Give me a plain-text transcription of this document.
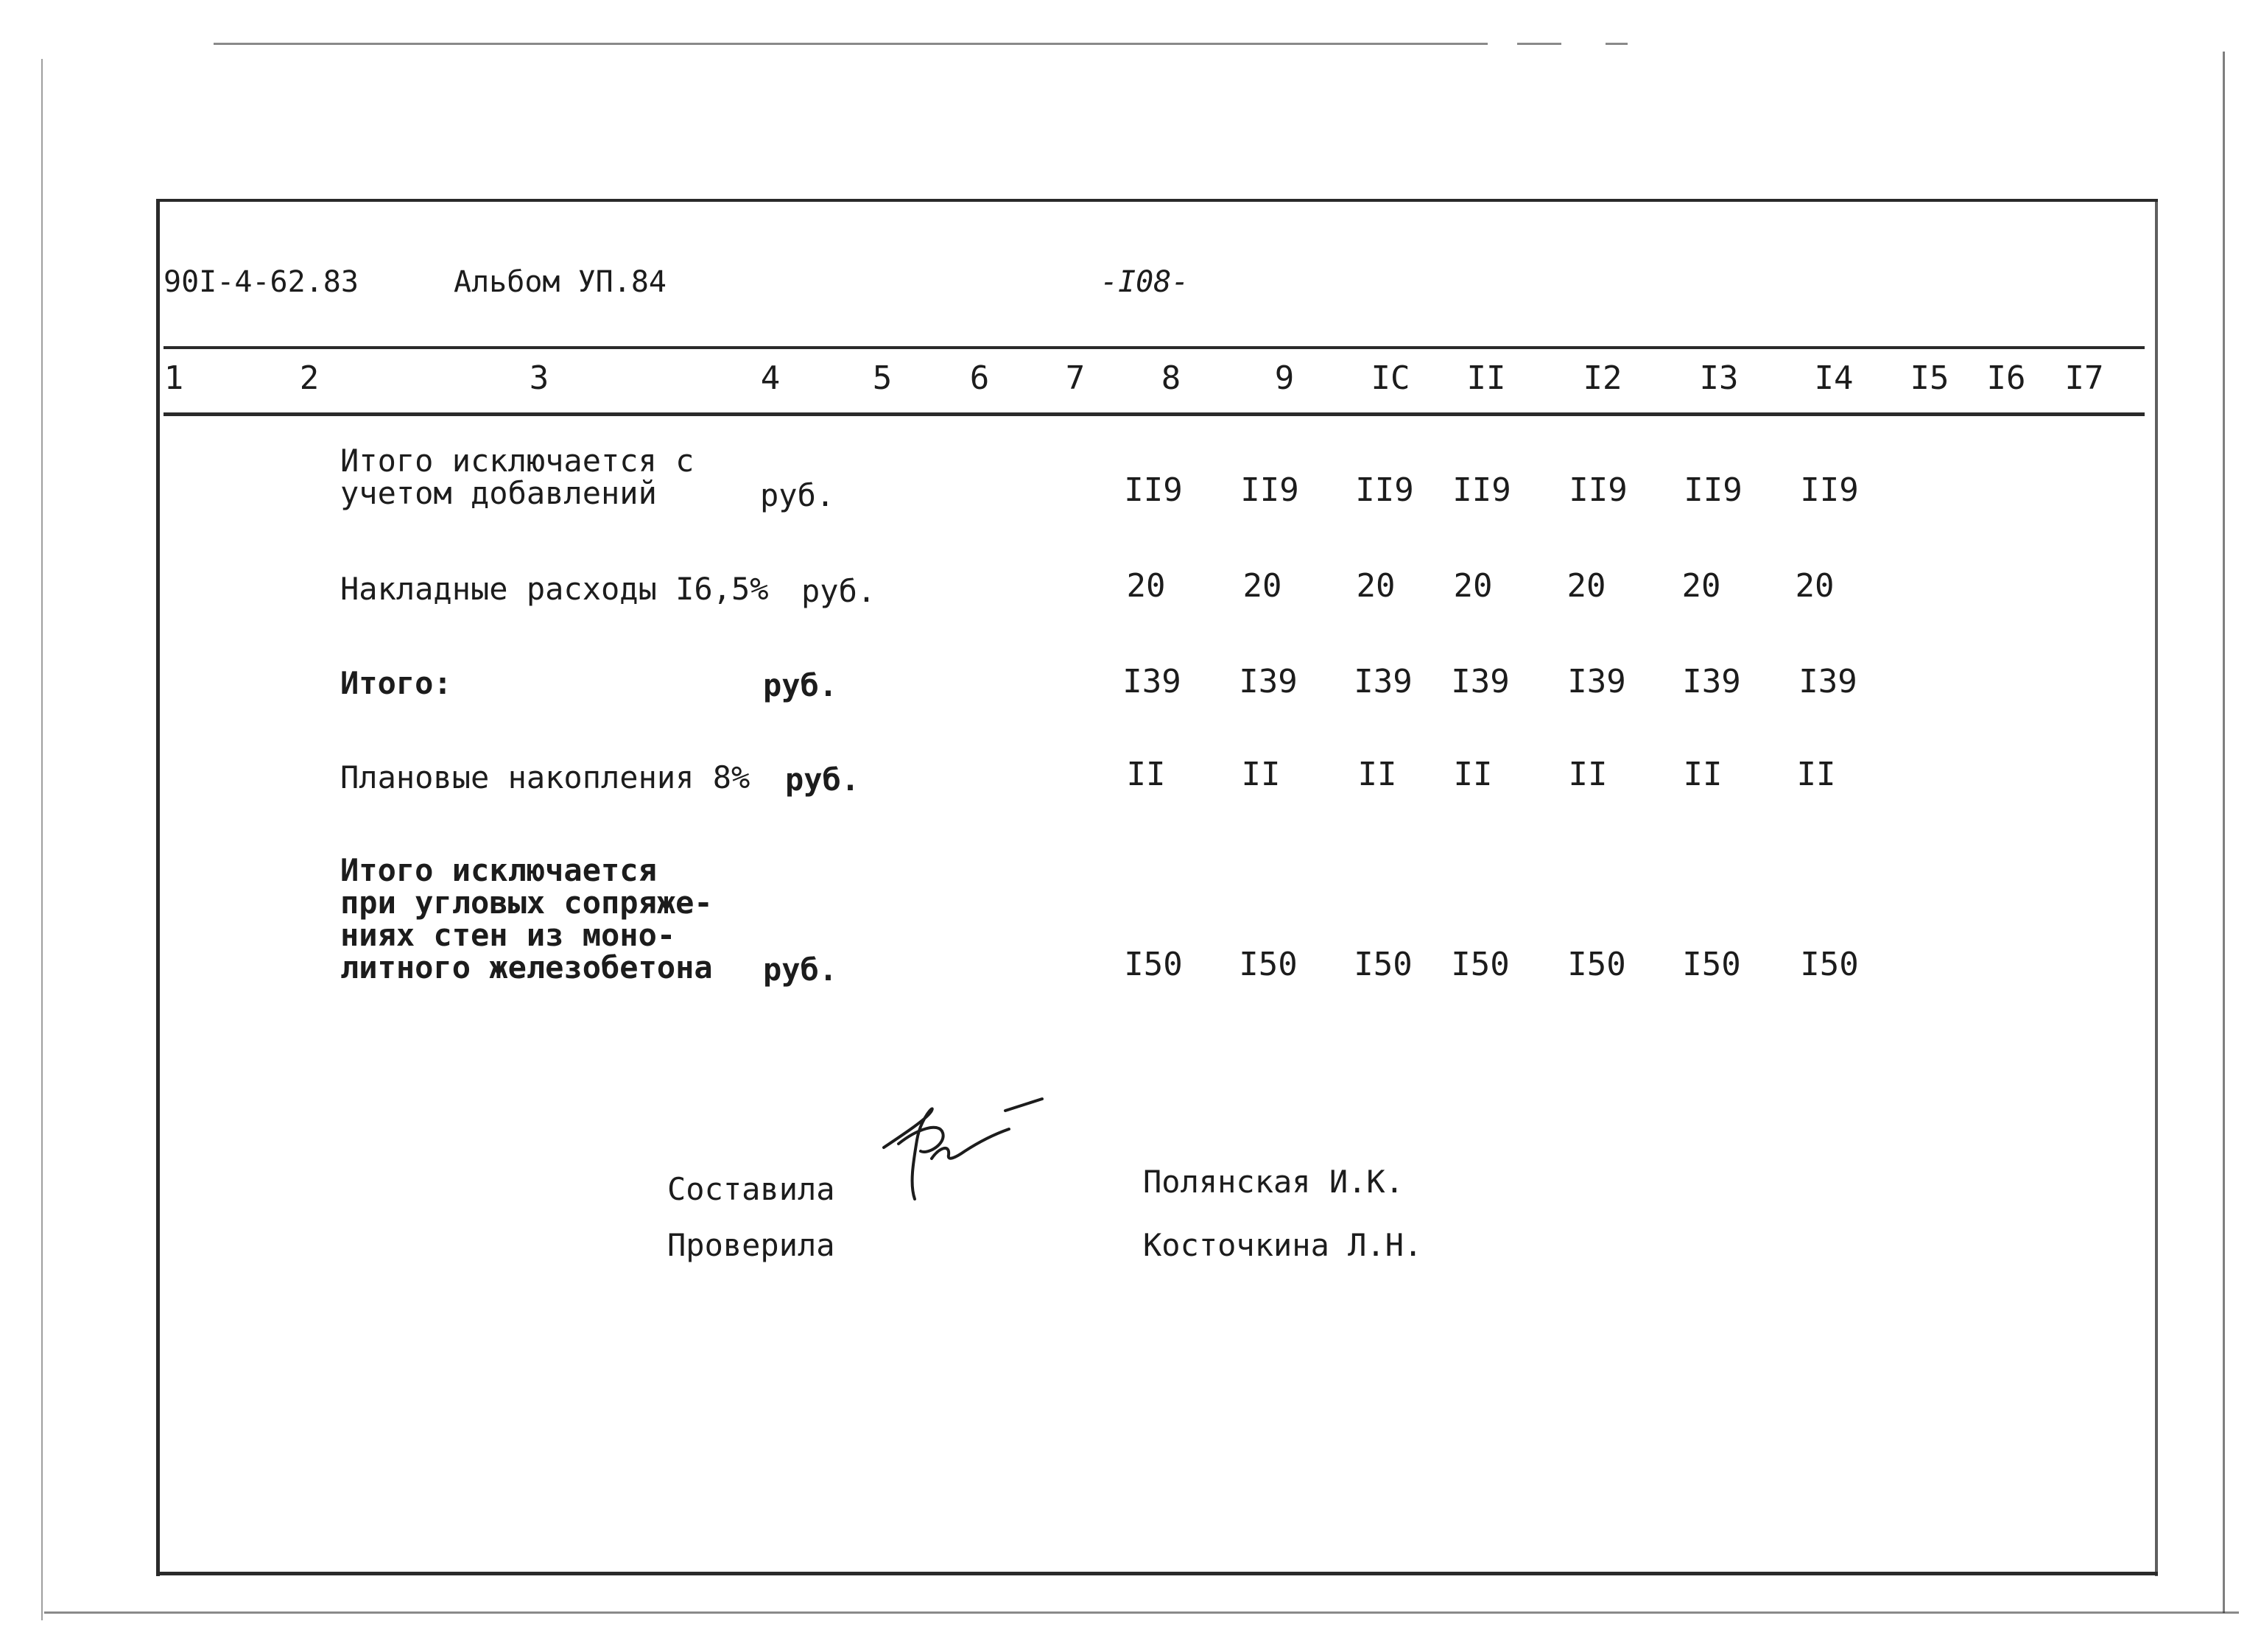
90I-4-62.83	Альбом УП.84	-I08-
1	2	3	4	5 6 7 8	9 IC II I2 I3 I4 I5 I6 I7
Итого исключается с
учетом добавлений	руб.	II9 II9 II9 II9 II9 II9 II9
Накладные расходы I6,5% руб.	20 20 20 20 20 20 20
Итого:	руб.	I39 I39 I39 I39 I39 I39 I39
Плановые накопления 8% руб.	II II II II II II II
Итого исключается
при угловых сопряже-
ниях стен из моно-
литного железобетона руб.	I50 I50 I50 I50 I50 I50 I50
Составила	Полянская И.К.
Проверила	Косточкина Л.Н.
